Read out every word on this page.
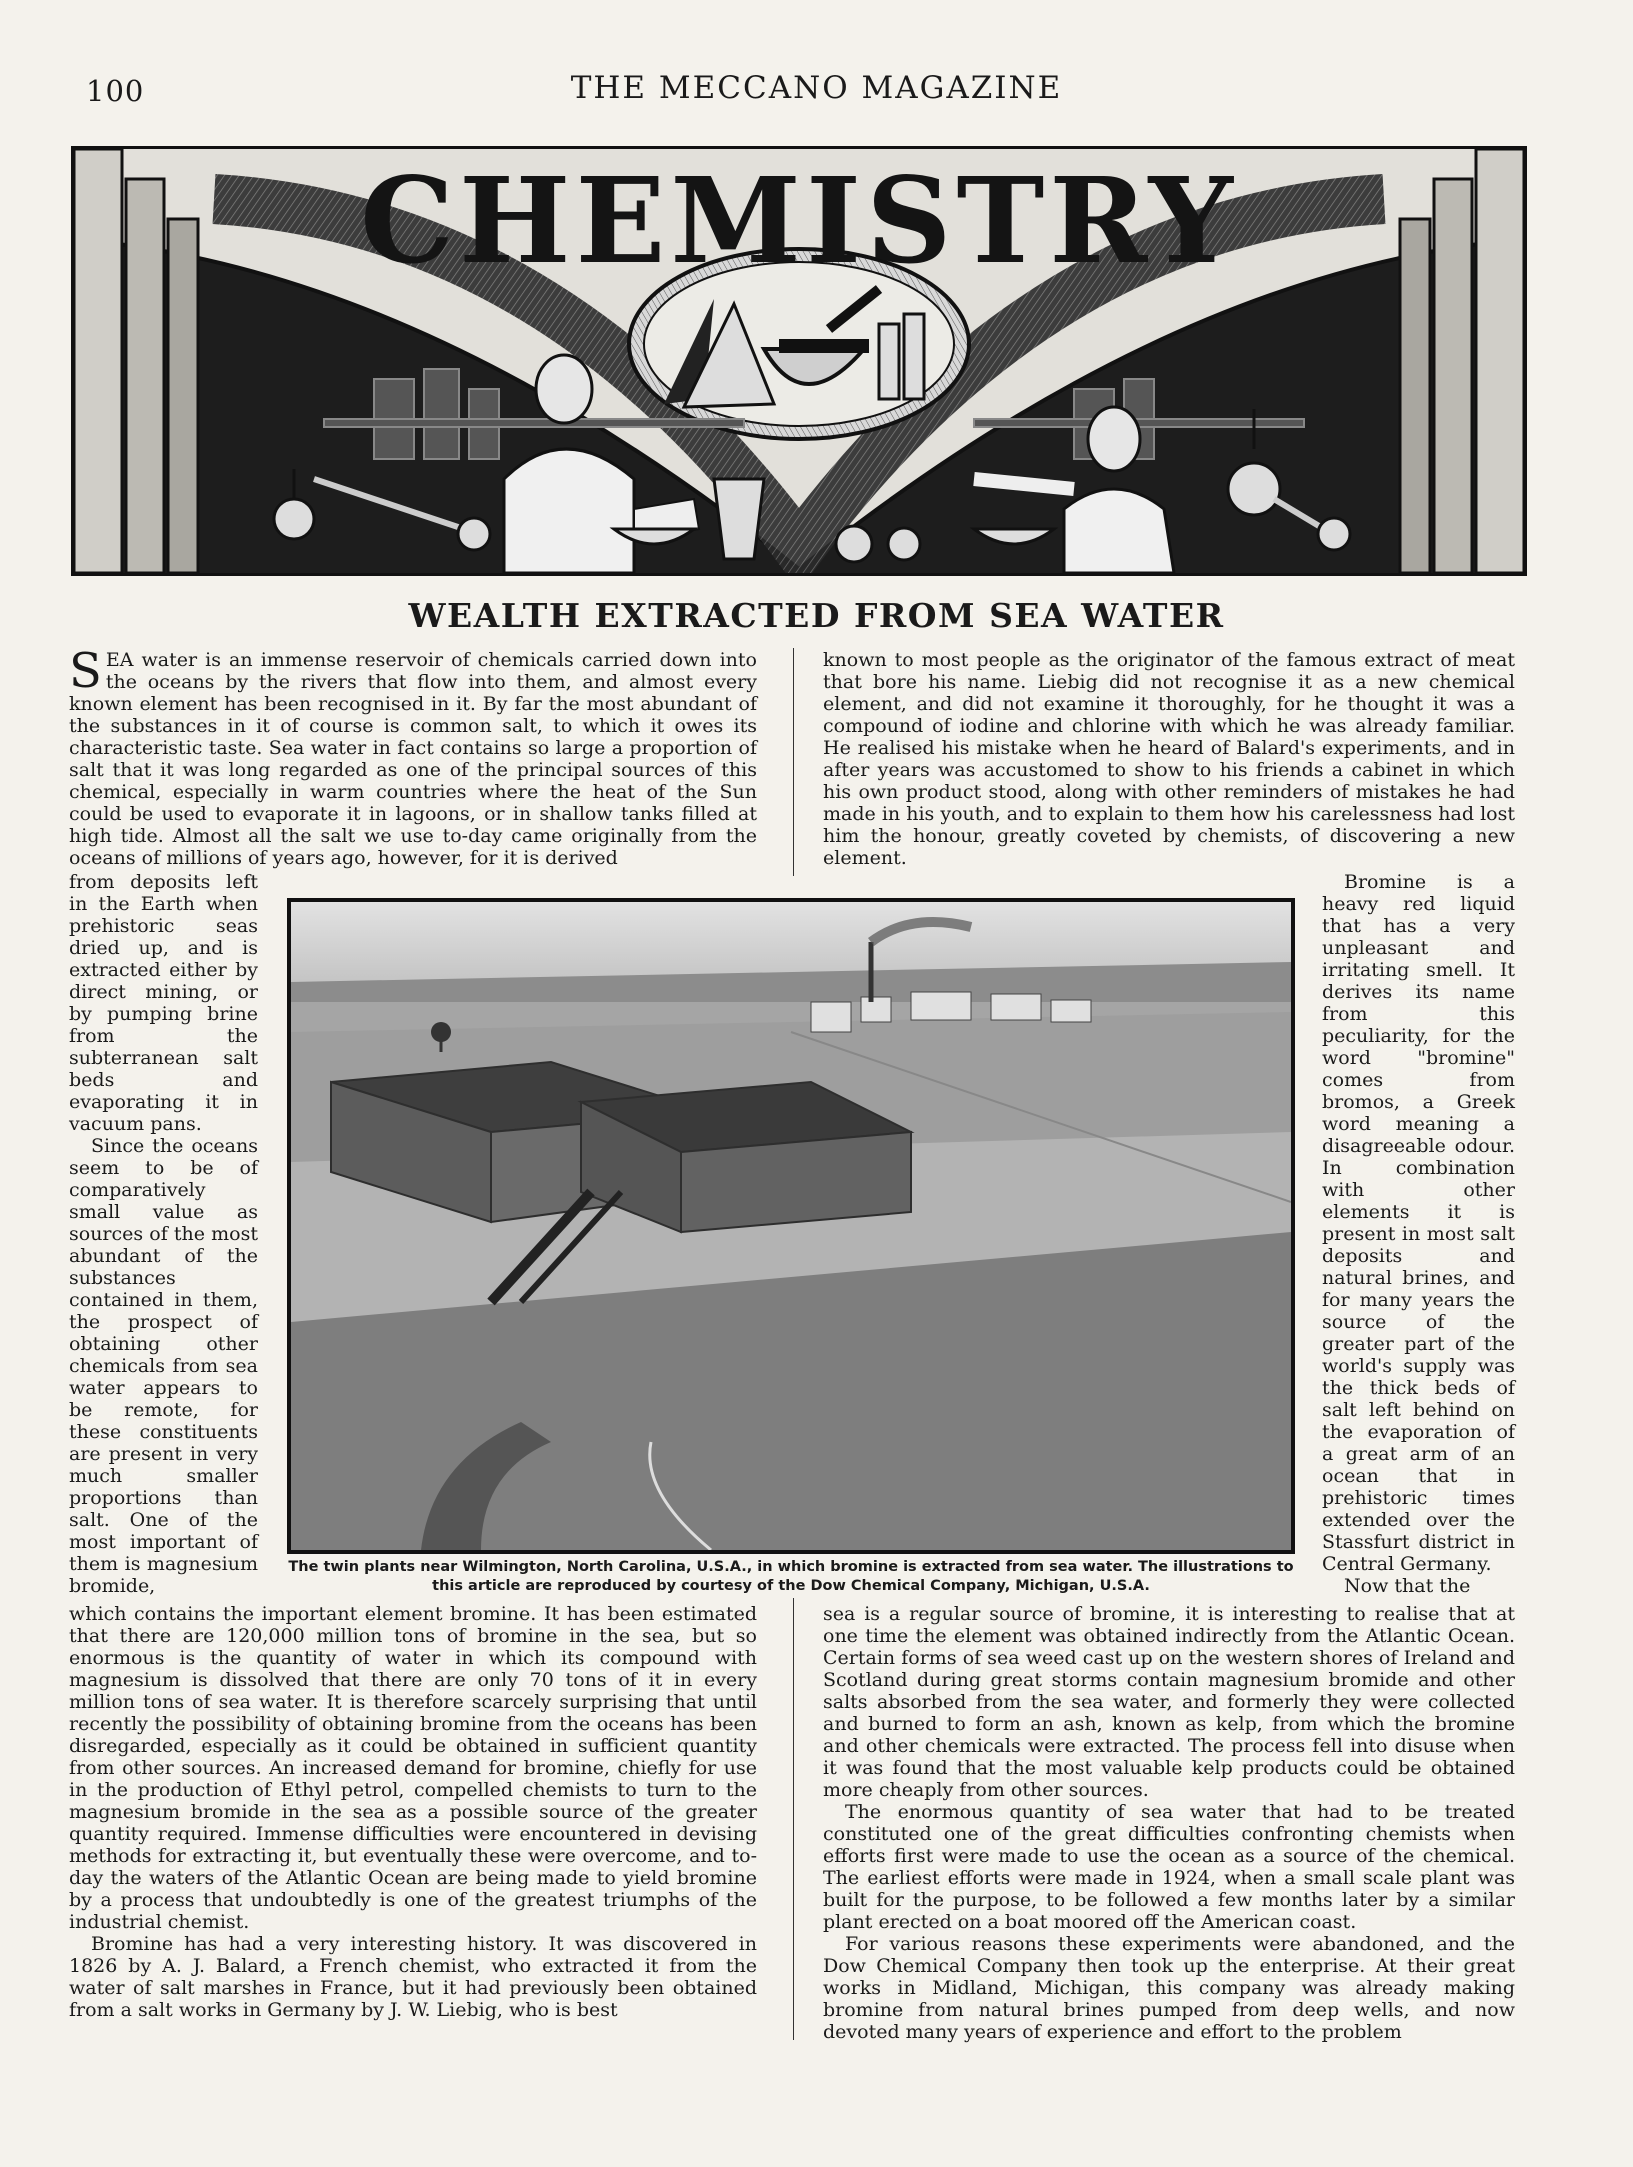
100	THE MECCANO MAGAZINE
CHEMISTRY
WEALTH EXTRACTED FROM SEA WATER

SEA water is an immense reservoir of chemicals carried down into the oceans by the rivers that flow into them, and almost every known element has been recognised in it. By far the most abundant of the substances in it of course is common salt, to which it owes its characteristic taste. Sea water in fact contains so large a proportion of salt that it was long regarded as one of the principal sources of this chemical, especially in warm countries where the heat of the Sun could be used to evaporate it in lagoons, or in shallow tanks filled at high tide. Almost all the salt we use to-day came originally from the oceans of millions of years ago, however, for it is derived

from deposits left in the Earth when prehistoric seas dried up, and is extracted either by direct mining, or by pumping brine from the subterranean salt beds and evaporating it in vacuum pans.

Since the oceans seem to be of comparatively small value as sources of the most abundant of the substances contained in them, the prospect of obtaining other chemicals from sea water appears to be remote, for these constituents are present in very much smaller proportions than salt. One of the most important of them is magnesium bromide,

which contains the important element bromine. It has been estimated that there are 120,000 million tons of bromine in the sea, but so enormous is the quantity of water in which its compound with magnesium is dissolved that there are only 70 tons of it in every million tons of sea water. It is therefore scarcely surprising that until recently the possibility of obtaining bromine from the oceans has been disregarded, especially as it could be obtained in sufficient quantity from other sources. An increased demand for bromine, chiefly for use in the production of Ethyl petrol, compelled chemists to turn to the magnesium bromide in the sea as a possible source of the greater quantity required. Immense difficulties were encountered in devising methods for extracting it, but eventually these were overcome, and to-day the waters of the Atlantic Ocean are being made to yield bromine by a process that undoubtedly is one of the greatest triumphs of the industrial chemist.

Bromine has had a very interesting history. It was discovered in 1826 by A. J. Balard, a French chemist, who extracted it from the water of salt marshes in France, but it had previously been obtained from a salt works in Germany by J. W. Liebig, who is best

known to most people as the originator of the famous extract of meat that bore his name. Liebig did not recognise it as a new chemical element, and did not examine it thoroughly, for he thought it was a compound of iodine and chlorine with which he was already familiar. He realised his mistake when he heard of Balard's experiments, and in after years was accustomed to show to his friends a cabinet in which his own product stood, along with other reminders of mistakes he had made in his youth, and to explain to them how his carelessness had lost him the honour, greatly coveted by chemists, of discovering a new element.

Bromine is a heavy red liquid that has a very unpleasant and irritating smell. It derives its name from this peculiarity, for the word "bromine" comes from bromos, a Greek word meaning a disagreeable odour. In combination with other elements it is present in most salt deposits and natural brines, and for many years the source of the greater part of the world's supply was the thick beds of salt left behind on the evaporation of a great arm of an ocean that in prehistoric times extended over the Stassfurt district in Central Germany.

Now that the

sea is a regular source of bromine, it is interesting to realise that at one time the element was obtained indirectly from the Atlantic Ocean. Certain forms of sea weed cast up on the western shores of Ireland and Scotland during great storms contain magnesium bromide and other salts absorbed from the sea water, and formerly they were collected and burned to form an ash, known as kelp, from which the bromine and other chemicals were extracted. The process fell into disuse when it was found that the most valuable kelp products could be obtained more cheaply from other sources.

The enormous quantity of sea water that had to be treated constituted one of the great difficulties confronting chemists when efforts first were made to use the ocean as a source of the chemical. The earliest efforts were made in 1924, when a small scale plant was built for the purpose, to be followed a few months later by a similar plant erected on a boat moored off the American coast.

For various reasons these experiments were abandoned, and the Dow Chemical Company then took up the enterprise. At their great works in Midland, Michigan, this company was already making bromine from natural brines pumped from deep wells, and now devoted many years of experience and effort to the problem

The twin plants near Wilmington, North Carolina, U.S.A., in which bromine is extracted from sea water. The illustrations to
this article are reproduced by courtesy of the Dow Chemical Company, Michigan, U.S.A.
